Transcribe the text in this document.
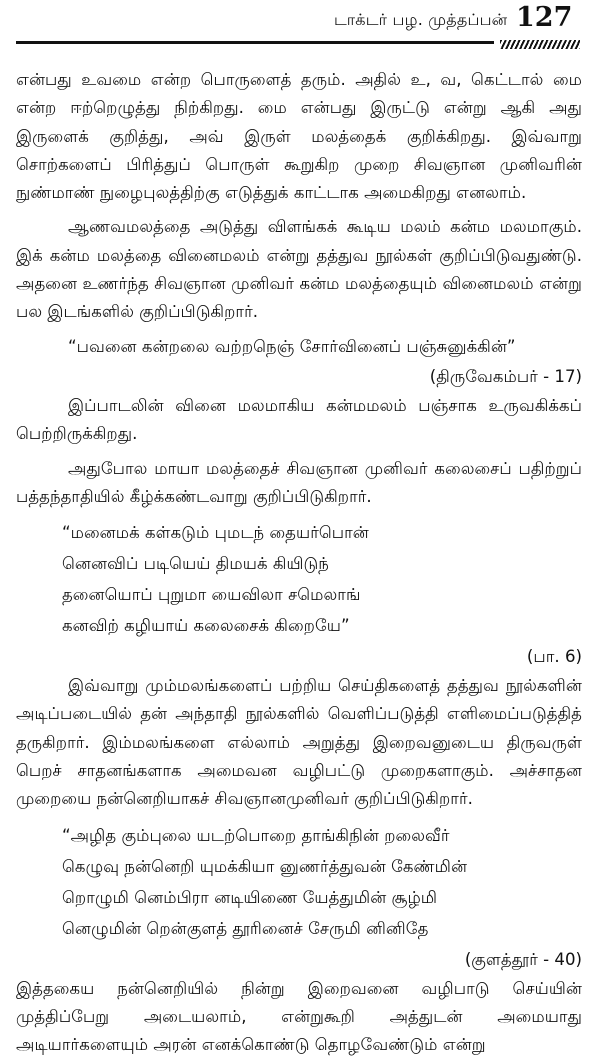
டாக்டர் பழ. முத்தப்பன் 127

என்பது உவமை என்ற பொருளைத் தரும். அதில் உ, வ, கெட்டால் மை என்ற ஈற்றெழுத்து நிற்கிறது. மை என்பது இருட்டு என்று ஆகி அது இருளைக் குறித்து, அவ் இருள் மலத்தைக் குறிக்கிறது. இவ்வாறு சொற்களைப் பிரித்துப் பொருள் கூறுகிற முறை சிவஞான முனிவரின் நுண்மாண் நுழைபுலத்திற்கு எடுத்துக் காட்டாக அமைகிறது எனலாம்.

ஆணவமலத்தை அடுத்து விளங்கக் கூடிய மலம் கன்ம மலமாகும். இக் கன்ம மலத்தை வினைமலம் என்று தத்துவ நூல்கள் குறிப்பிடுவதுண்டு. அதனை உணர்ந்த சிவஞான முனிவர் கன்ம மலத்தையும் வினைமலம் என்று பல இடங்களில் குறிப்பிடுகிறார்.

“பவனை கன்றலை வற்றநெஞ் சோர்வினைப் பஞ்சுனுக்கின்”

(திருவேகம்பர் - 17)

இப்பாடலின் வினை மலமாகிய கன்மமலம் பஞ்சாக உருவகிக்கப் பெற்றிருக்கிறது.

அதுபோல மாயா மலத்தைச் சிவஞான முனிவர் கலைசைப் பதிற்றுப் பத்தந்தாதியில் கீழ்க்கண்டவாறு குறிப்பிடுகிறார்.

“மனைமக் கள்கடும் புமடந் தையர்பொன்
னெனவிப் படியெய் திமயக் கியிடுந்
தனையொப் புறுமா யைவிலா சமெலாங்
கனவிற் கழியாய் கலைசைக் கிறையே”

(பா. 6)

இவ்வாறு மும்மலங்களைப் பற்றிய செய்திகளைத் தத்துவ நூல்களின் அடிப்படையில் தன் அந்தாதி நூல்களில் வெளிப்படுத்தி எளிமைப்படுத்தித் தருகிறார். இம்மலங்களை எல்லாம் அறுத்து இறைவனுடைய திருவருள் பெறச் சாதனங்களாக அமைவன வழிபட்டு முறைகளாகும். அச்சாதன முறையை நன்னெறியாகச் சிவஞானமுனிவர் குறிப்பிடுகிறார்.

“அழித கும்புலை யடற்பொறை தாங்கிநின் றலைவீர்
கெழுவு நன்னெறி யுமக்கியா னுணர்த்துவன் கேண்மின்
றொழுமி னெம்பிரா னடியிணை யேத்துமின் சூழ்மி
னெழுமின் றென்குளத் தூரினைச் சேருமி னினிதே

(குளத்தூர் - 40)

இத்தகைய நன்னெறியில் நின்று இறைவனை வழிபாடு செய்யின் முத்திப்பேறு அடையலாம், என்றுகூறி அத்துடன் அமையாது அடியார்களையும் அரன் எனக்கொண்டு தொழவேண்டும் என்று
